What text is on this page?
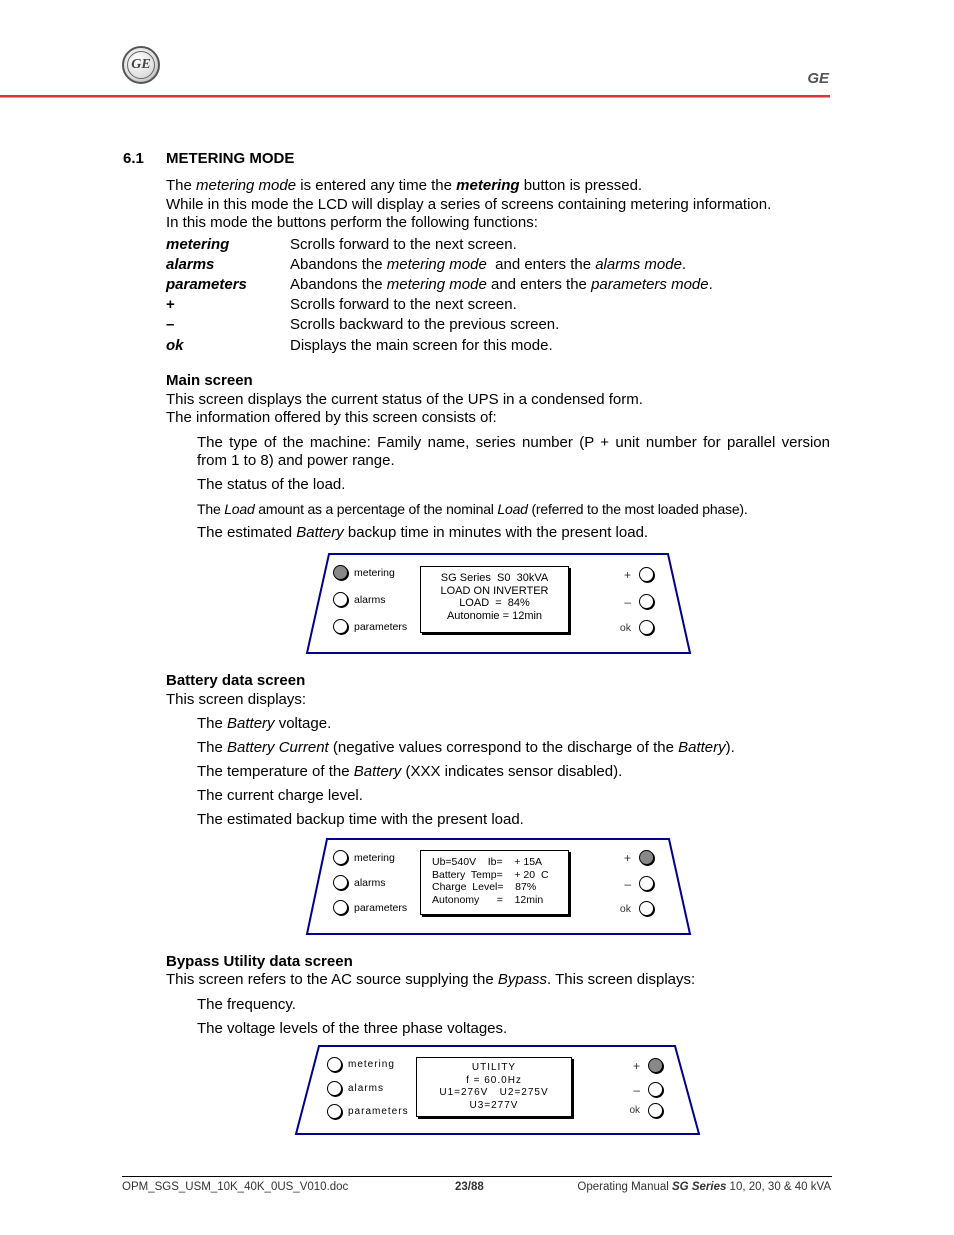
GE
GE
6.1 METERING MODE
The metering mode is entered any time the metering button is pressed.
While in this mode the LCD will display a series of screens containing metering information.
In this mode the buttons perform the following functions:
metering	Scrolls forward to the next screen.
alarms	Abandons the metering mode  and enters the alarms mode.
parameters	Abandons the metering mode and enters the parameters mode.
+	Scrolls forward to the next screen.
–	Scrolls backward to the previous screen.
ok	Displays the main screen for this mode.
Main screen
This screen displays the current status of the UPS in a condensed form.
The information offered by this screen consists of:
The type of the machine: Family name, series number (P + unit number for parallel version from 1 to 8) and power range.
The status of the load.
The Load amount as a percentage of the nominal Load (referred to the most loaded phase).
The estimated Battery backup time in minutes with the present load.
metering
alarms
parameters
SG Series  S0  30kVA
LOAD ON INVERTER
LOAD  =  84%
Autonomie = 12min
+
–
ok
Battery data screen
This screen displays:
The Battery voltage.
The Battery Current (negative values correspond to the discharge of the Battery).
The temperature of the Battery (XXX indicates sensor disabled).
The current charge level.
The estimated backup time with the present load.
metering
alarms
parameters
Ub=540V    Ib=    + 15A
Battery  Temp=    + 20  C
Charge  Level=    87%
Autonomy      =    12min
+
–
ok
Bypass Utility data screen
This screen refers to the AC source supplying the Bypass. This screen displays:
The frequency.
The voltage levels of the three phase voltages.
metering
alarms
parameters
UTILITY
f = 60.0Hz
U1=276V   U2=275V
U3=277V
+
–
ok
OPM_SGS_USM_10K_40K_0US_V010.doc	23/88	Operating Manual SG Series 10, 20, 30 & 40 kVA
